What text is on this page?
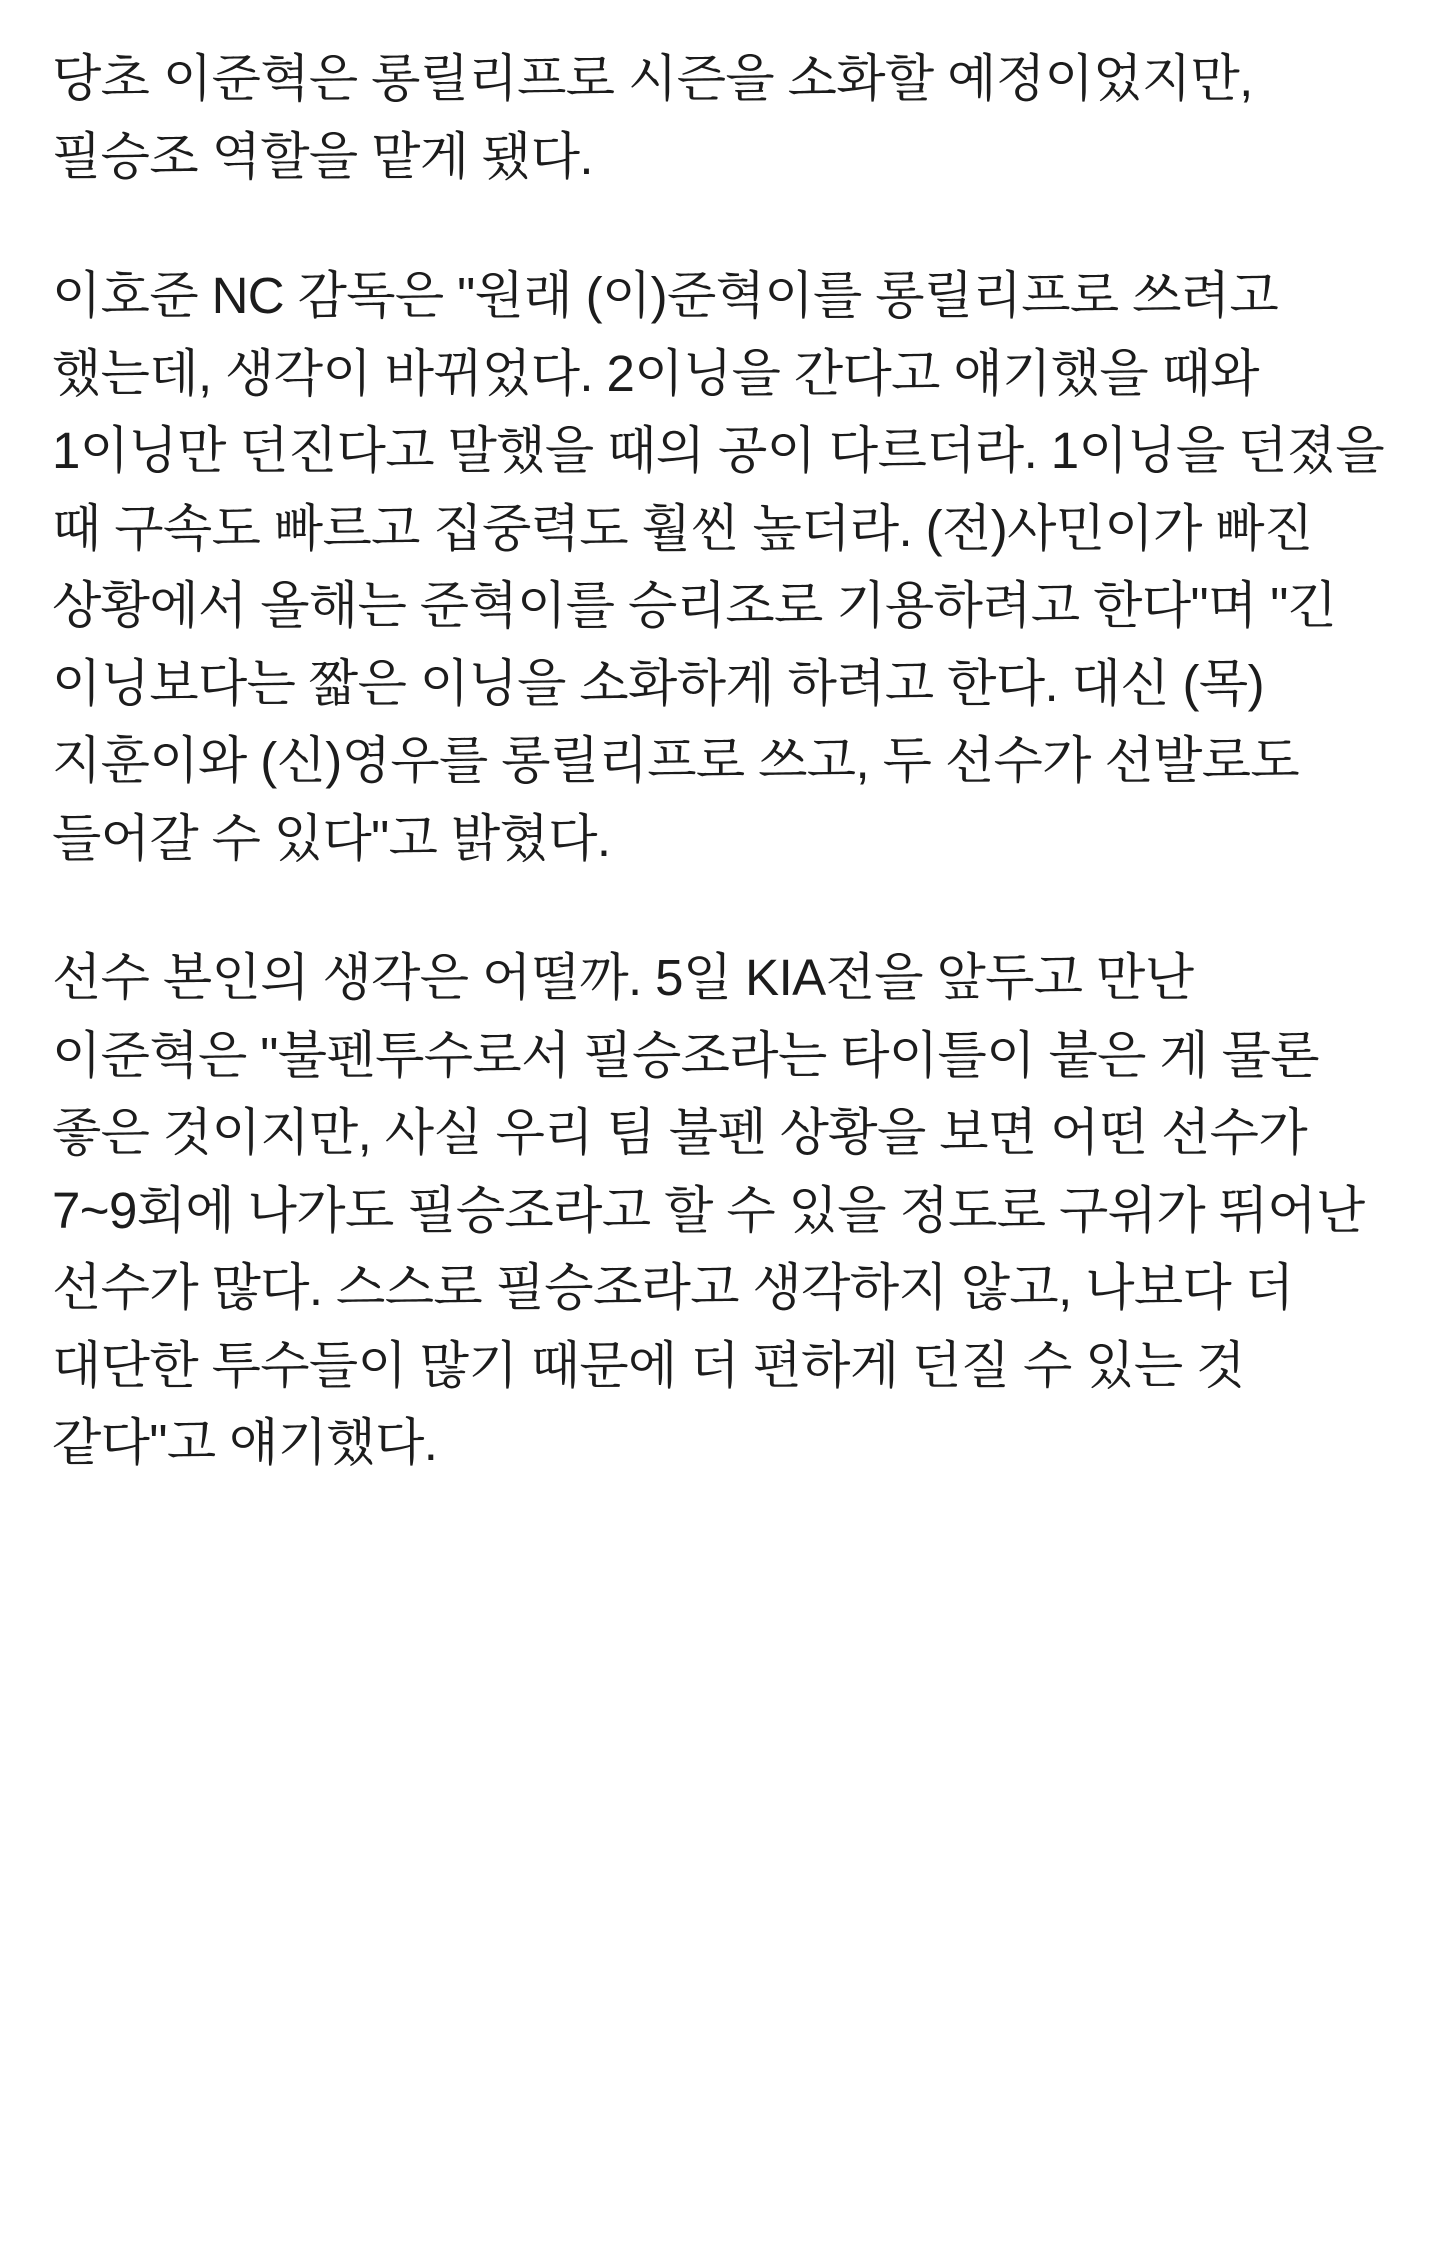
당초 이준혁은 롱릴리프로 시즌을 소화할 예정이었지만, 필승조 역할을 맡게 됐다.

이호준 NC 감독은 "원래 (이)준혁이를 롱릴리프로 쓰려고 했는데, 생각이 바뀌었다. 2이닝을 간다고 얘기했을 때와 1이닝만 던진다고 말했을 때의 공이 다르더라. 1이닝을 던졌을 때 구속도 빠르고 집중력도 훨씬 높더라. (전)사민이가 빠진 상황에서 올해는 준혁이를 승리조로 기용하려고 한다"며 "긴 이닝보다는 짧은 이닝을 소화하게 하려고 한다. 대신 (목)지훈이와 (신)영우를 롱릴리프로 쓰고, 두 선수가 선발로도 들어갈 수 있다"고 밝혔다.

선수 본인의 생각은 어떨까. 5일 KIA전을 앞두고 만난 이준혁은 "불펜투수로서 필승조라는 타이틀이 붙은 게 물론 좋은 것이지만, 사실 우리 팀 불펜 상황을 보면 어떤 선수가 7~9회에 나가도 필승조라고 할 수 있을 정도로 구위가 뛰어난 선수가 많다. 스스로 필승조라고 생각하지 않고, 나보다 더 대단한 투수들이 많기 때문에 더 편하게 던질 수 있는 것 같다"고 얘기했다.
